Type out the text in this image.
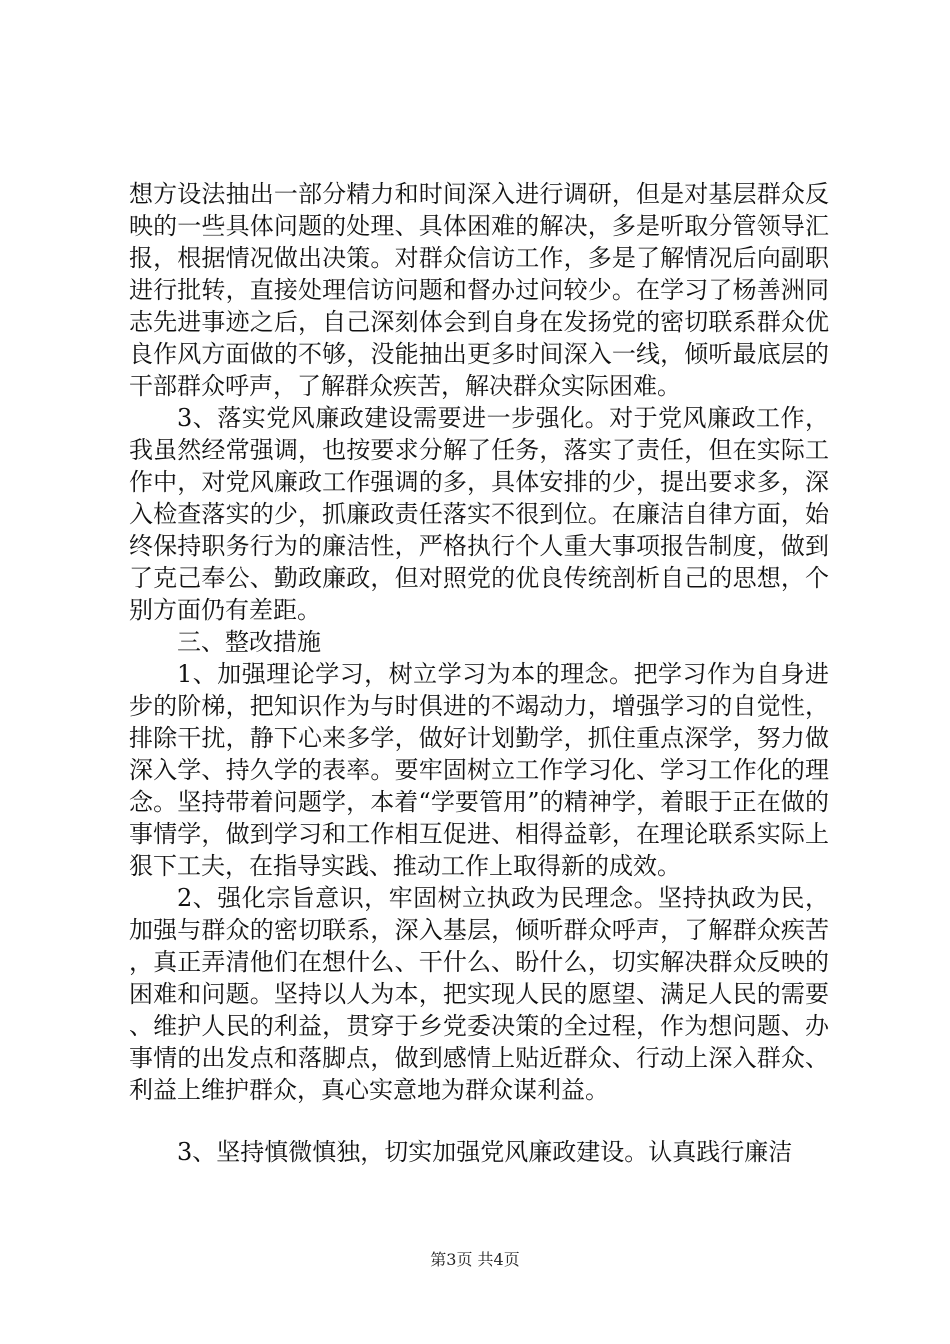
想方设法抽出一部分精力和时间深入进行调研，但是对基层群众反映的一些具体问题的处理、具体困难的解决，多是听取分管领导汇报，根据情况做出决策。对群众信访工作，多是了解情况后向副职进行批转，直接处理信访问题和督办过问较少。在学习了杨善洲同志先进事迹之后，自己深刻体会到自身在发扬党的密切联系群众优良作风方面做的不够，没能抽出更多时间深入一线，倾听最底层的干部群众呼声，了解群众疾苦，解决群众实际困难。

3、落实党风廉政建设需要进一步强化。对于党风廉政工作，我虽然经常强调，也按要求分解了任务，落实了责任，但在实际工作中，对党风廉政工作强调的多，具体安排的少，提出要求多，深入检查落实的少，抓廉政责任落实不很到位。在廉洁自律方面，始终保持职务行为的廉洁性，严格执行个人重大事项报告制度，做到了克己奉公、勤政廉政，但对照党的优良传统剖析自己的思想，个别方面仍有差距。

三、整改措施

1、加强理论学习，树立学习为本的理念。把学习作为自身进步的阶梯，把知识作为与时俱进的不竭动力，增强学习的自觉性，排除干扰，静下心来多学，做好计划勤学，抓住重点深学，努力做深入学、持久学的表率。要牢固树立工作学习化、学习工作化的理念。坚持带着问题学，本着“学要管用”的精神学，着眼于正在做的事情学，做到学习和工作相互促进、相得益彰，在理论联系实际上狠下工夫，在指导实践、推动工作上取得新的成效。

2、强化宗旨意识，牢固树立执政为民理念。坚持执政为民，加强与群众的密切联系，深入基层，倾听群众呼声，了解群众疾苦，真正弄清他们在想什么、干什么、盼什么，切实解决群众反映的困难和问题。坚持以人为本，把实现人民的愿望、满足人民的需要、维护人民的利益，贯穿于乡党委决策的全过程，作为想问题、办事情的出发点和落脚点，做到感情上贴近群众、行动上深入群众、利益上维护群众，真心实意地为群众谋利益。

3、坚持慎微慎独，切实加强党风廉政建设。认真践行廉洁

第3页 共4页
